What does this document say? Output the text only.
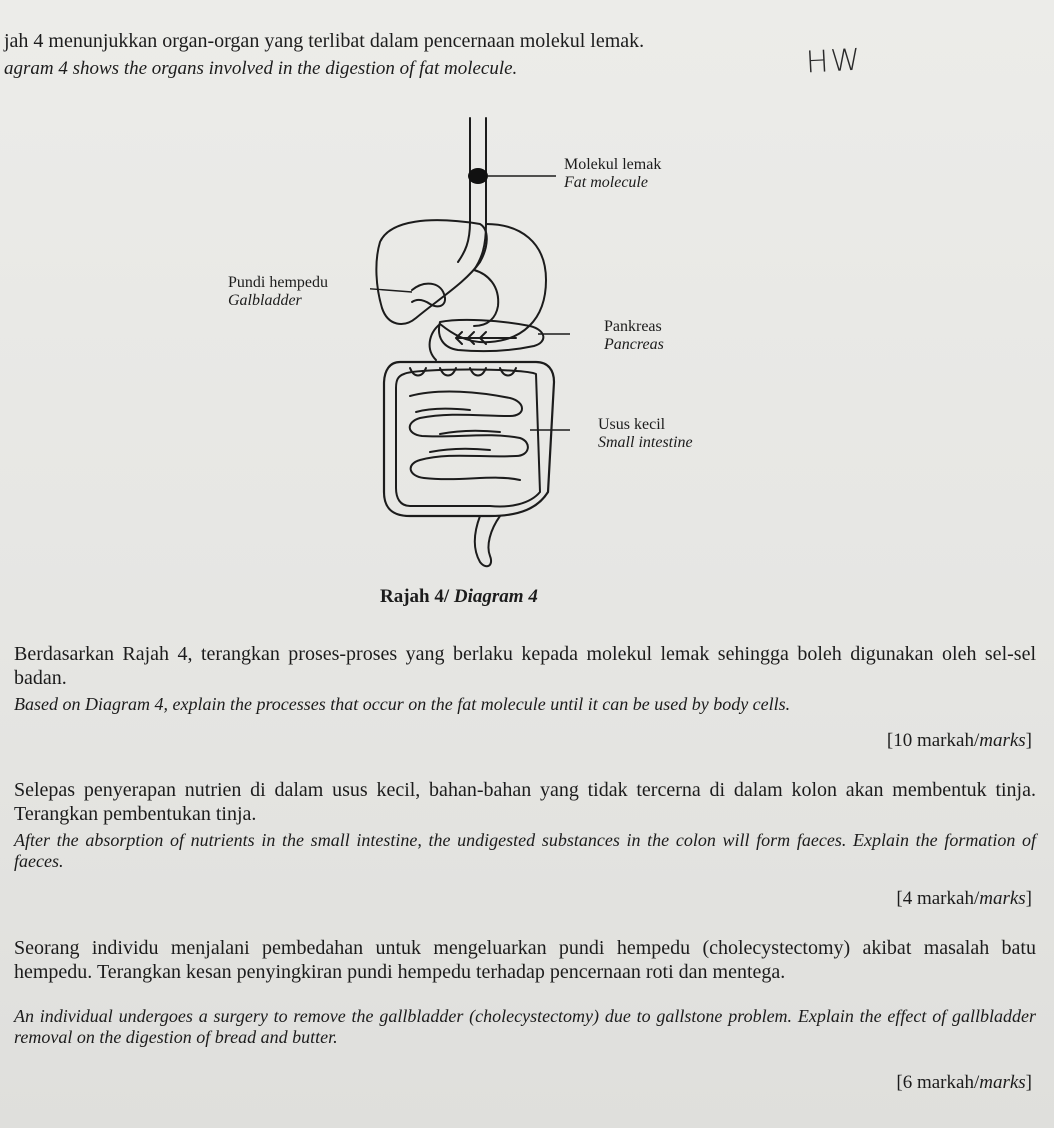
jah 4 menunjukkan organ-organ yang terlibat dalam pencernaan molekul lemak.
agram 4 shows the organs involved in the digestion of fat molecule.	HW
Molekul lemak
Fat molecule
Pundi hempedu
Galbladder
Pankreas
Pancreas
Usus kecil
Small intestine
Rajah 4/ Diagram 4
Berdasarkan Rajah 4, terangkan proses-proses yang berlaku kepada molekul lemak sehingga boleh digunakan oleh sel-sel badan.
Based on Diagram 4, explain the processes that occur on the fat molecule until it can be used by body cells.
[10 markah/marks]
Selepas penyerapan nutrien di dalam usus kecil, bahan-bahan yang tidak tercerna di dalam kolon akan membentuk tinja. Terangkan pembentukan tinja.
After the absorption of nutrients in the small intestine, the undigested substances in the colon will form faeces. Explain the formation of faeces.
[4 markah/marks]
Seorang individu menjalani pembedahan untuk mengeluarkan pundi hempedu (cholecystectomy) akibat masalah batu hempedu. Terangkan kesan penyingkiran pundi hempedu terhadap pencernaan roti dan mentega.
An individual undergoes a surgery to remove the gallbladder (cholecystectomy) due to gallstone problem. Explain the effect of gallbladder removal on the digestion of bread and butter.
[6 markah/marks]
